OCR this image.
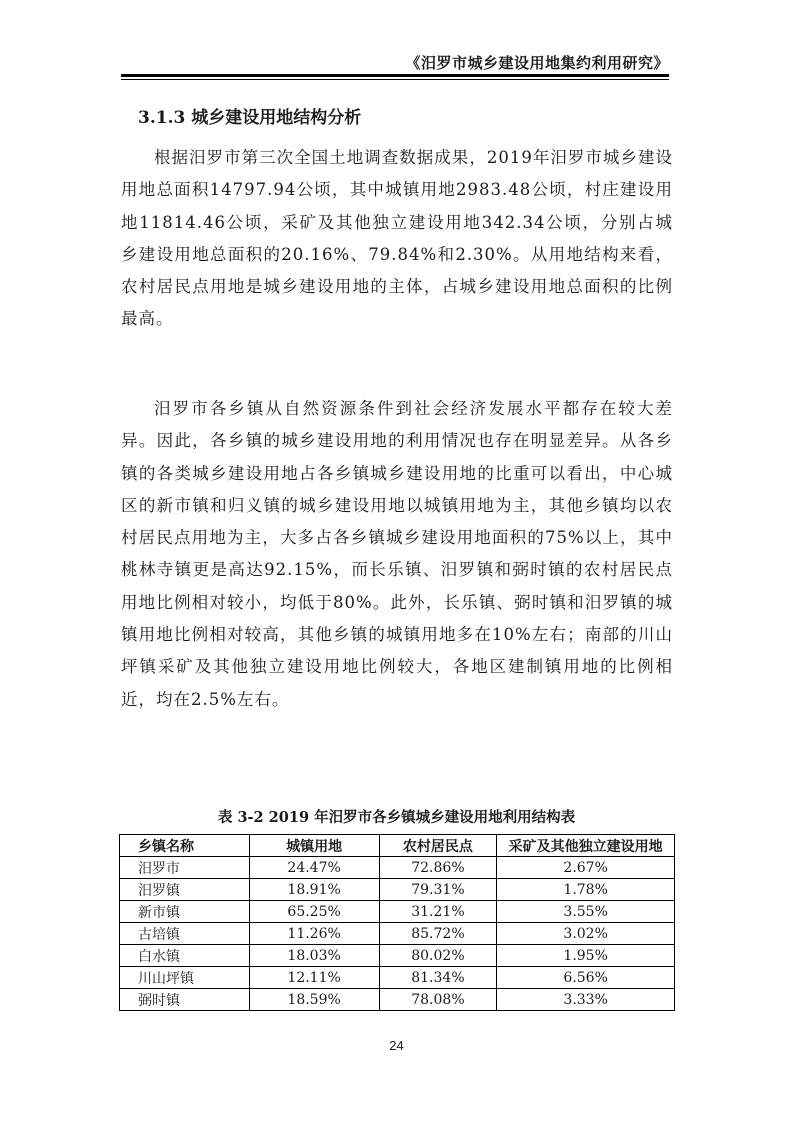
《汨罗市城乡建设用地集约利用研究》
3.1.3 城乡建设用地结构分析

根据汨罗市第三次全国土地调查数据成果，2019年汨罗市城乡建设用地总面积14797.94公顷，其中城镇用地2983.48公顷，村庄建设用地11814.46公顷，采矿及其他独立建设用地342.34公顷，分别占城乡建设用地总面积的20.16%、79.84%和2.30%。从用地结构来看，农村居民点用地是城乡建设用地的主体，占城乡建设用地总面积的比例最高。

汨罗市各乡镇从自然资源条件到社会经济发展水平都存在较大差异。因此，各乡镇的城乡建设用地的利用情况也存在明显差异。从各乡镇的各类城乡建设用地占各乡镇城乡建设用地的比重可以看出，中心城区的新市镇和归义镇的城乡建设用地以城镇用地为主，其他乡镇均以农村居民点用地为主，大多占各乡镇城乡建设用地面积的75%以上，其中桃林寺镇更是高达92.15%，而长乐镇、汨罗镇和弼时镇的农村居民点用地比例相对较小，均低于80%。此外，长乐镇、弼时镇和汨罗镇的城镇用地比例相对较高，其他乡镇的城镇用地多在10%左右；南部的川山坪镇采矿及其他独立建设用地比例较大，各地区建制镇用地的比例相近，均在2.5%左右。

表 3-2 2019 年汨罗市各乡镇城乡建设用地利用结构表
乡镇名称	城镇用地	农村居民点	采矿及其他独立建设用地
汨罗市	24.47%	72.86%	2.67%
汨罗镇	18.91%	79.31%	1.78%
新市镇	65.25%	31.21%	3.55%
古培镇	11.26%	85.72%	3.02%
白水镇	18.03%	80.02%	1.95%
川山坪镇	12.11%	81.34%	6.56%
弼时镇	18.59%	78.08%	3.33%
24
